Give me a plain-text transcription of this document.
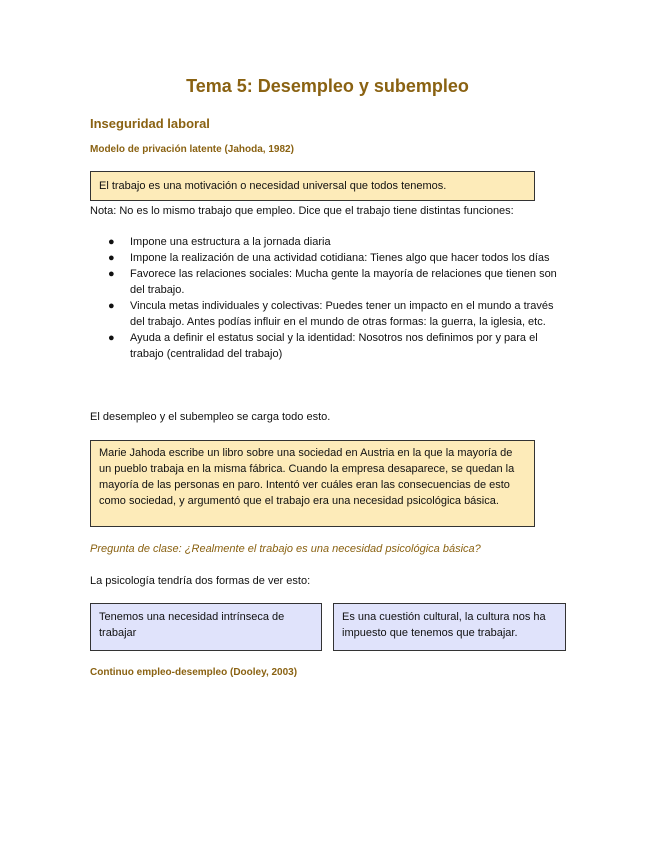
Tema 5: Desempleo y subempleo
Inseguridad laboral
Modelo de privación latente (Jahoda, 1982)
El trabajo es una motivación o necesidad universal que todos tenemos.
Nota: No es lo mismo trabajo que empleo. Dice que el trabajo tiene distintas funciones:
● Impone una estructura a la jornada diaria
● Impone la realización de una actividad cotidiana: Tienes algo que hacer todos los días
● Favorece las relaciones sociales: Mucha gente la mayoría de relaciones que tienen son del trabajo.
● Vincula metas individuales y colectivas: Puedes tener un impacto en el mundo a través del trabajo. Antes podías influir en el mundo de otras formas: la guerra, la iglesia, etc.
● Ayuda a definir el estatus social y la identidad: Nosotros nos definimos por y para el trabajo (centralidad del trabajo)
El desempleo y el subempleo se carga todo esto.
Marie Jahoda escribe un libro sobre una sociedad en Austria en la que la mayoría de un pueblo trabaja en la misma fábrica. Cuando la empresa desaparece, se quedan la mayoría de las personas en paro. Intentó ver cuáles eran las consecuencias de esto como sociedad, y argumentó que el trabajo era una necesidad psicológica básica.
Pregunta de clase: ¿Realmente el trabajo es una necesidad psicológica básica?
La psicología tendría dos formas de ver esto:
Tenemos una necesidad intrínseca de trabajar
Es una cuestión cultural, la cultura nos ha impuesto que tenemos que trabajar.
Continuo empleo-desempleo (Dooley, 2003)
